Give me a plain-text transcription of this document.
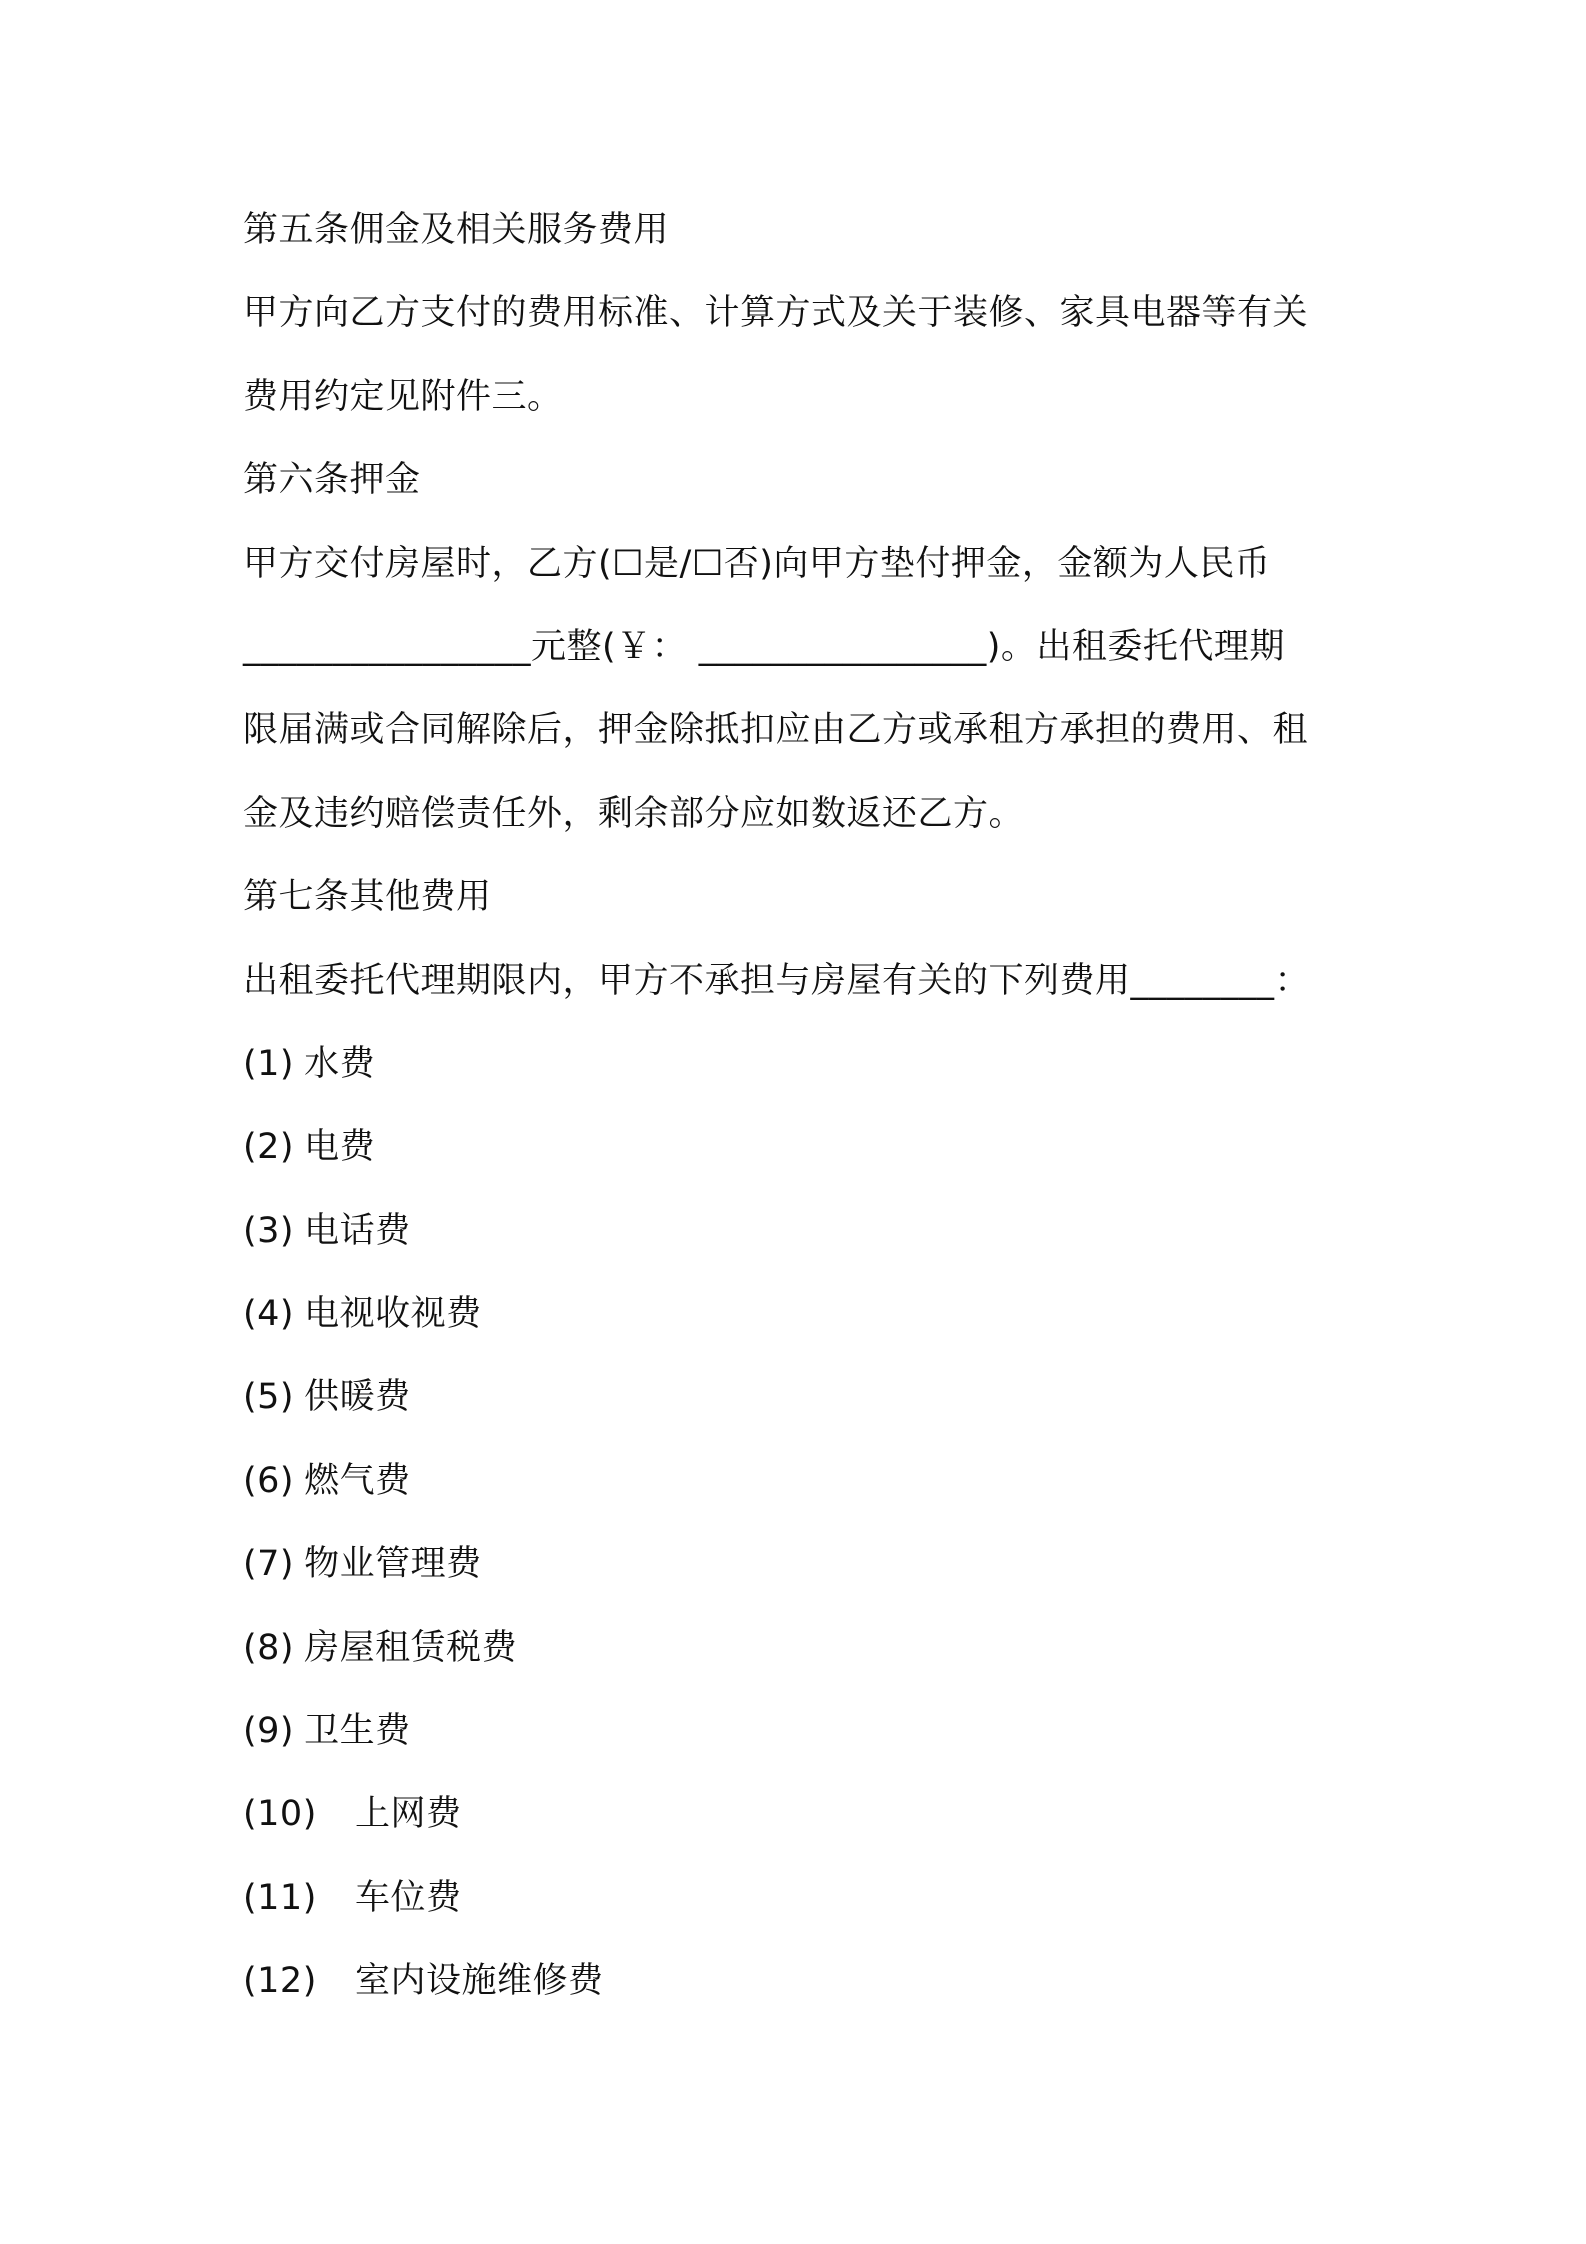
第五条佣金及相关服务费用
甲方向乙方支付的费用标准、计算方式及关于装修、家具电器等有关
费用约定见附件三。
第六条押金
甲方交付房屋时，乙方(☐是/☐否)向甲方垫付押金，金额为人民币
________________元整(￥： ________________)。出租委托代理期
限届满或合同解除后，押金除抵扣应由乙方或承租方承担的费用、租
金及违约赔偿责任外，剩余部分应如数返还乙方。
第七条其他费用
出租委托代理期限内，甲方不承担与房屋有关的下列费用________：
(1) 水费
(2) 电费
(3) 电话费
(4) 电视收视费
(5) 供暖费
(6) 燃气费
(7) 物业管理费
(8) 房屋租赁税费
(9) 卫生费
(10)	上网费
(11)	车位费
(12)	室内设施维修费
